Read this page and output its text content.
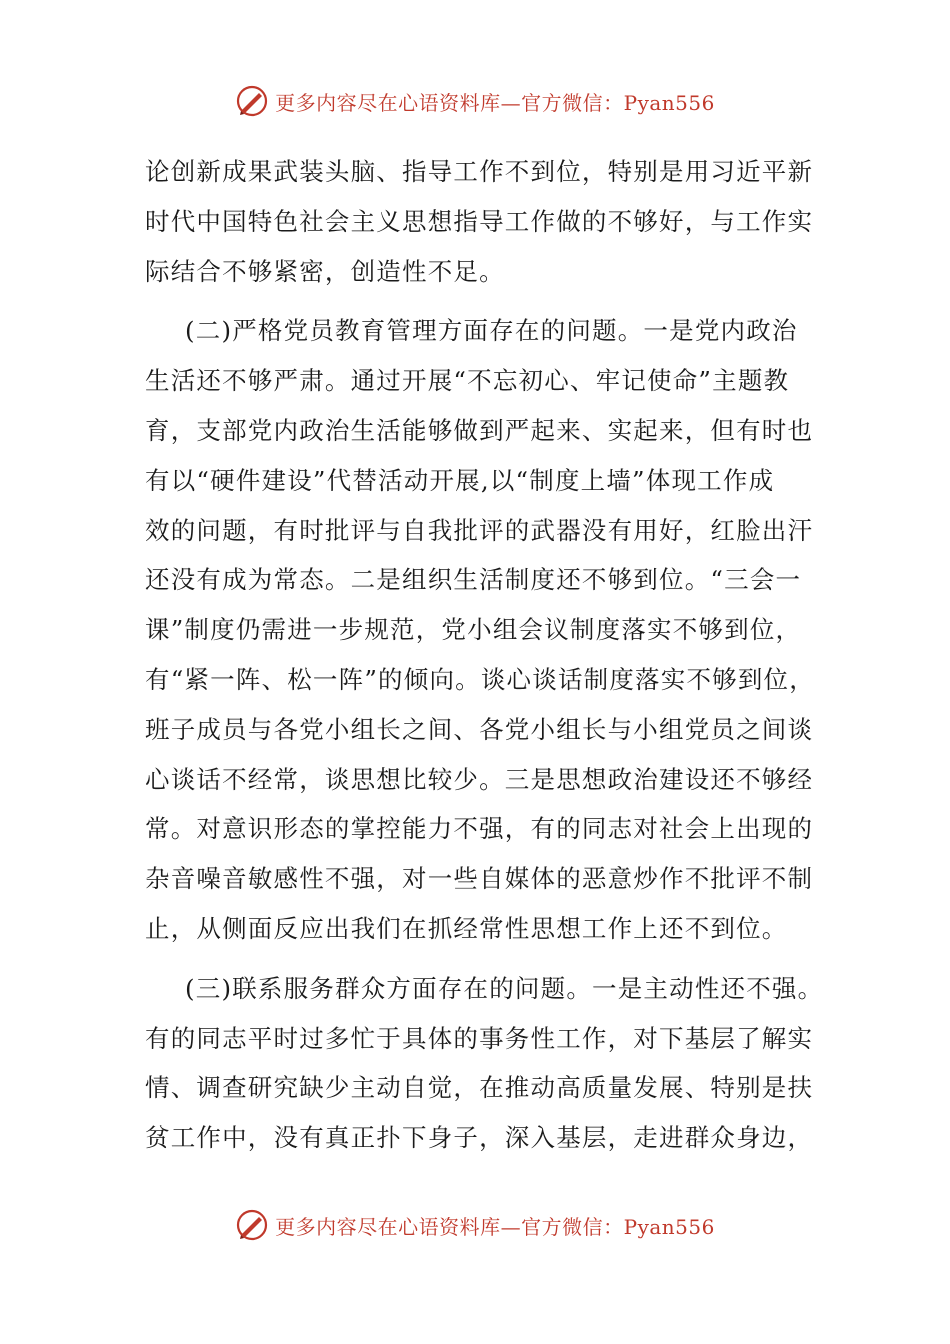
更多内容尽在心语资料库—官方微信：Pyan556
论创新成果武装头脑、指导工作不到位，特别是用习近平新
时代中国特色社会主义思想指导工作做的不够好，与工作实
际结合不够紧密，创造性不足。
(二)严格党员教育管理方面存在的问题。一是党内政治
生活还不够严肃。通过开展“不忘初心、牢记使命”主题教
育，支部党内政治生活能够做到严起来、实起来，但有时也
有以“硬件建设”代替活动开展,以“制度上墙”体现工作成
效的问题，有时批评与自我批评的武器没有用好，红脸出汗
还没有成为常态。二是组织生活制度还不够到位。“三会一
课”制度仍需进一步规范，党小组会议制度落实不够到位，
有“紧一阵、松一阵”的倾向。谈心谈话制度落实不够到位，
班子成员与各党小组长之间、各党小组长与小组党员之间谈
心谈话不经常，谈思想比较少。三是思想政治建设还不够经
常。对意识形态的掌控能力不强，有的同志对社会上出现的
杂音噪音敏感性不强，对一些自媒体的恶意炒作不批评不制
止，从侧面反应出我们在抓经常性思想工作上还不到位。
(三)联系服务群众方面存在的问题。一是主动性还不强。
有的同志平时过多忙于具体的事务性工作，对下基层了解实
情、调查研究缺少主动自觉，在推动高质量发展、特别是扶
贫工作中，没有真正扑下身子，深入基层，走进群众身边，
更多内容尽在心语资料库—官方微信：Pyan556
